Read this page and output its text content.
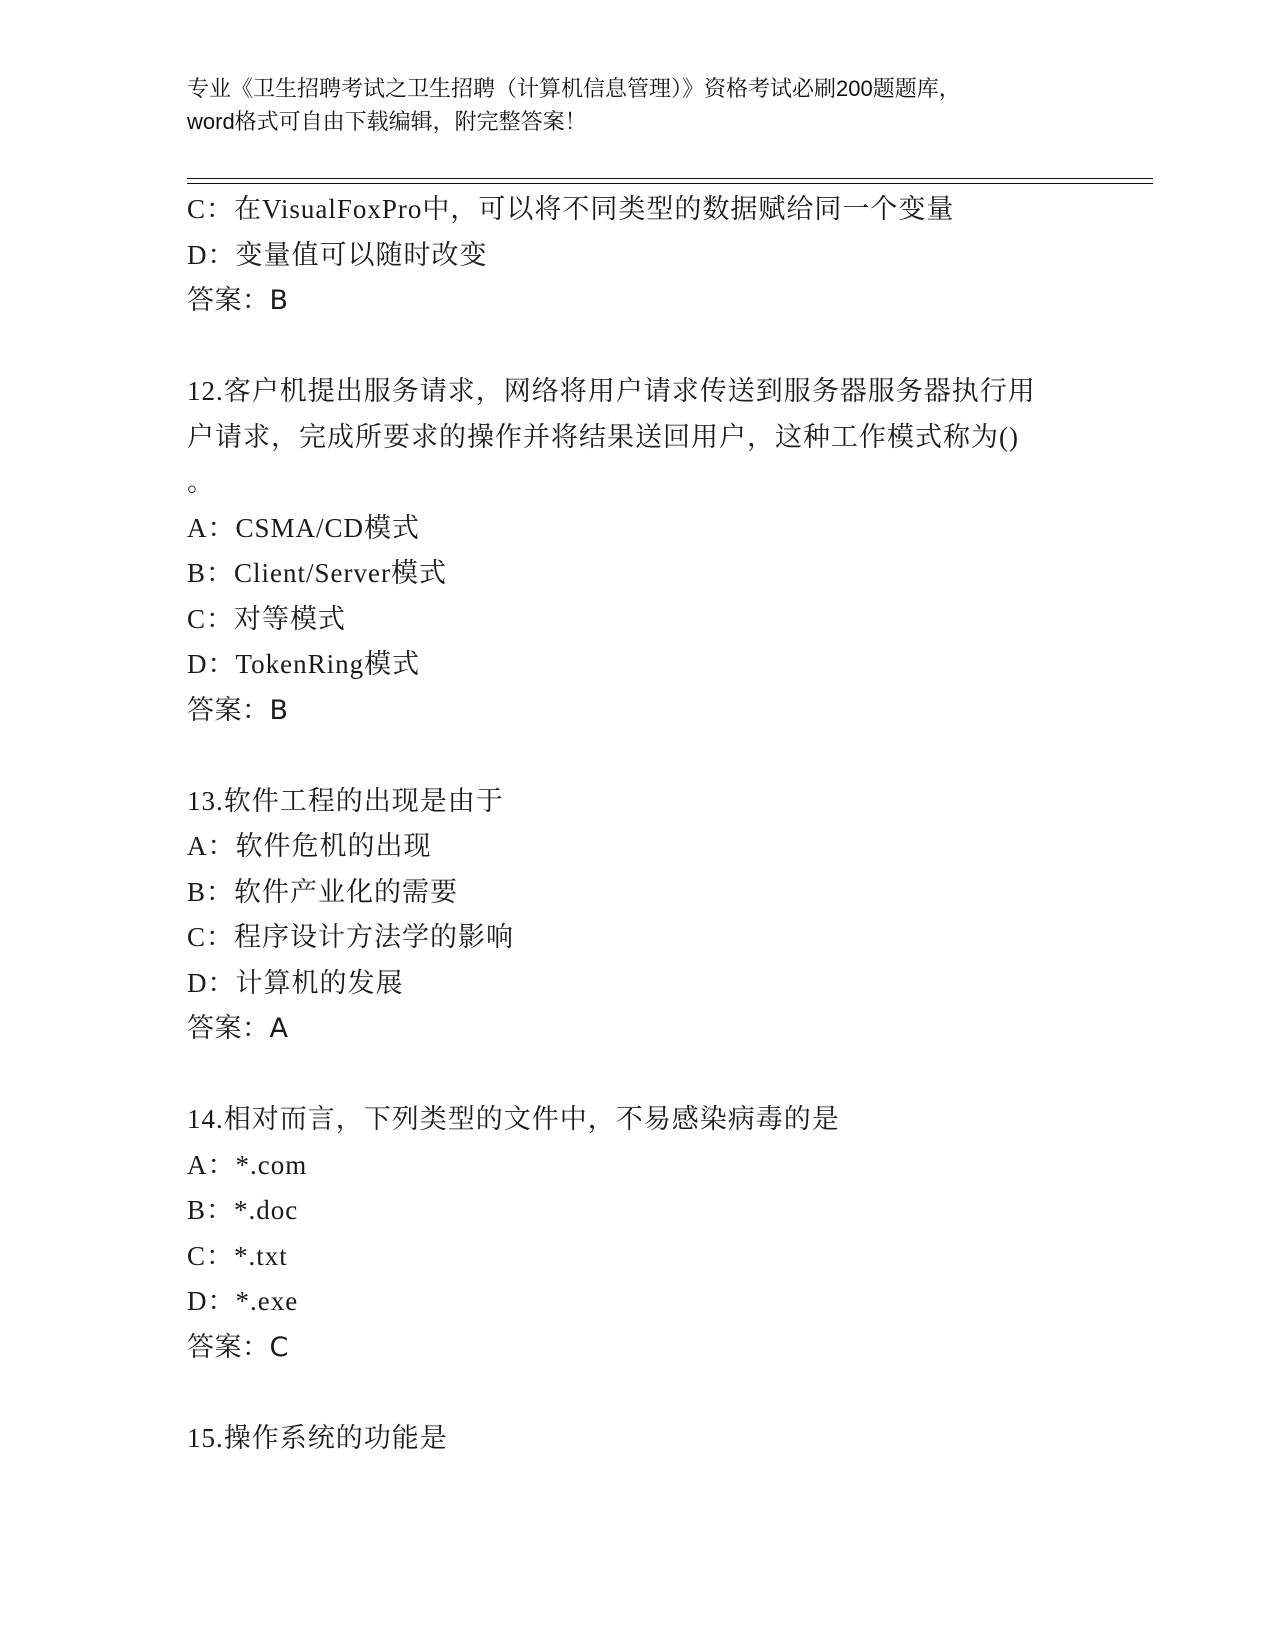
专业《卫生招聘考试之卫生招聘（计算机信息管理）》资格考试必刷200题题库，
word格式可自由下载编辑，附完整答案！
C：在VisualFoxPro中，可以将不同类型的数据赋给同一个变量
D：变量值可以随时改变
答案：B
12.客户机提出服务请求，网络将用户请求传送到服务器服务器执行用
户请求，完成所要求的操作并将结果送回用户，这种工作模式称为()
。
A：CSMA/CD模式
B：Client/Server模式
C：对等模式
D：TokenRing模式
答案：B
13.软件工程的出现是由于
A：软件危机的出现
B：软件产业化的需要
C：程序设计方法学的影响
D：计算机的发展
答案：A
14.相对而言，下列类型的文件中，不易感染病毒的是
A：*.com
B：*.doc
C：*.txt
D：*.exe
答案：C
15.操作系统的功能是
